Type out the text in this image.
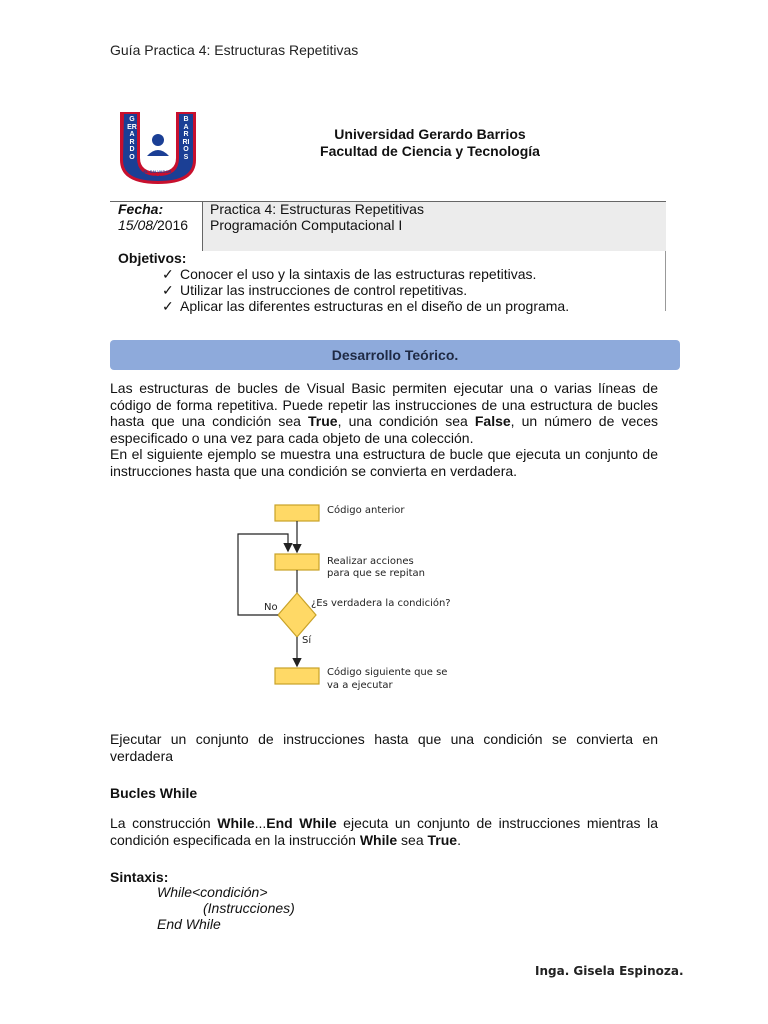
Guía Practica 4: Estructuras Repetitivas
GERARDO
BARRIOS
EL SALVADOR, C.A.
Universidad Gerardo Barrios
Facultad de Ciencia y Tecnología
Fecha:
15/08/2016
Practica 4: Estructuras Repetitivas
Programación Computacional I
Objetivos:
✓ Conocer el uso y la sintaxis de las estructuras repetitivas.
✓ Utilizar las instrucciones de control repetitivas.
✓ Aplicar las diferentes estructuras en el diseño de un programa.
Desarrollo Teórico.
Las estructuras de bucles de Visual Basic permiten ejecutar una o varias líneas de código de forma repetitiva. Puede repetir las instrucciones de una estructura de bucles hasta que una condición sea True, una condición sea False, un número de veces especificado o una vez para cada objeto de una colección.
En el siguiente ejemplo se muestra una estructura de bucle que ejecuta un conjunto de instrucciones hasta que una condición se convierta en verdadera.
Código anterior
Realizar acciones
para que se repitan
¿Es verdadera la condición?
No
Sí
Código siguiente que se
va a ejecutar
Ejecutar un conjunto de instrucciones hasta que una condición se convierta en verdadera
Bucles While
La construcción While...End While ejecuta un conjunto de instrucciones mientras la condición especificada en la instrucción While sea True.
Sintaxis:
While<condición>
(Instrucciones)
End While
Inga. Gisela Espinoza.
